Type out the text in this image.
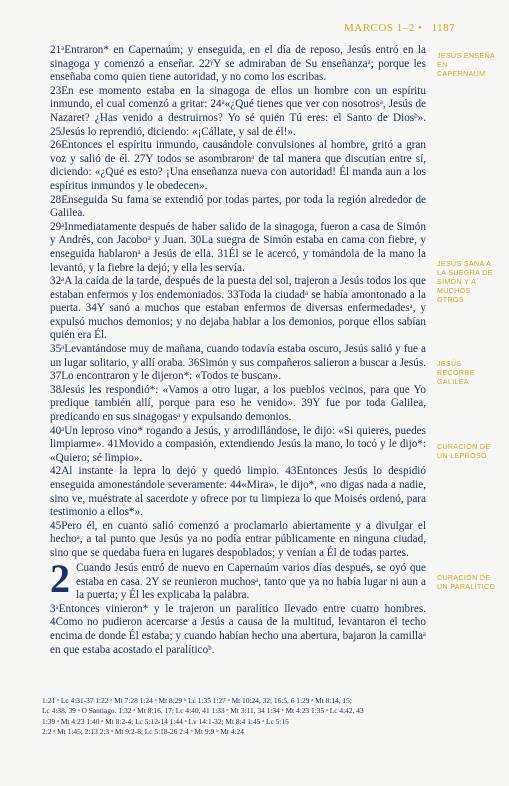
MARCOS 1–2 • 1187
JESÚS ENSEÑA EN CAPERNAÚM
JESÚS SANA A LA SUEGRA DE SIMÓN Y A MUCHOS OTROS
JESÚS RECORRE GALILEA
CURACIÓN DE UN LEPROSO
CURACIÓN DE UN PARALÍTICO

21ᵃEntraron* en Capernaúm; y enseguida, en el día de reposo, Jesús entró en la sinagoga y comenzó a enseñar. 22ᵞY se admiraban de Su enseñanzaᵃ; porque les enseñaba como quien tiene autoridad, y no como los escribas.

23En ese momento estaba en la sinagoga de ellos un hombre con un espíritu inmundo, el cual comenzó a gritar: 24ᵃ«¿Qué tienes que ver con nosotrosᵃ, Jesús de Nazaret? ¿Has venido a destruirnos? Yo sé quién Tú eres: el Santo de Diosᵇ». 25Jesús lo reprendió, diciendo: «¡Cállate, y sal de él!».

26Entonces el espíritu inmundo, causándole convulsiones al hombre, gritó a gran voz y salió de él. 27Y todos se asombraronᵃ de tal manera que discutían entre sí, diciendo: «¿Qué es esto? ¡Una enseñanza nueva con autoridad! Él manda aun a los espíritus inmundos y le obedecen».

28Enseguida Su fama se extendió por todas partes, por toda la región alrededor de Galilea.

29ᵃInmediatamente después de haber salido de la sinagoga, fueron a casa de Simón y Andrés, con Jacoboᵃ y Juan. 30La suegra de Simón estaba en cama con fiebre, y enseguida hablaronᵃ a Jesús de ella. 31Él se le acercó, y tomándola de la mano la levantó, y la fiebre la dejó; y ella les servía.

32ᵃA la caída de la tarde, después de la puesta del sol, trajeron a Jesús todos los que estaban enfermos y los endemoniados. 33Toda la ciudadᵃ se había amontonado a la puerta. 34Y sanó a muchos que estaban enfermos de diversas enfermedadesᵃ, y expulsó muchos demonios; y no dejaba hablar a los demonios, porque ellos sabían quién era Él.

35ᵃLevantándose muy de mañana, cuando todavía estaba oscuro, Jesús salió y fue a un lugar solitario, y allí oraba. 36Simón y sus compañeros salieron a buscar a Jesús. 37Lo encontraron y le dijeron*: «Todos te buscan».

38Jesús les respondió*: «Vamos a otro lugar, a los pueblos vecinos, para que Yo predique también allí, porque para eso he venido». 39Y fue por toda Galilea, predicando en sus sinagogasᵃ y expulsando demonios.

40ᵃUn leproso vino* rogando a Jesús, y arrodillándose, le dijo: «Si quieres, puedes limpiarme». 41Movido a compasión, extendiendo Jesús la mano, lo tocó y le dijo*: «Quiero; sé limpio».

42Al instante la lepra lo dejó y quedó limpio. 43Entonces Jesús lo despidió enseguida amonestándole severamente: 44«Mira», le dijo*, «no digas nada a nadie, sino ve, muéstrate al sacerdote y ofrece por tu limpieza lo que Moisés ordenó, para testimonio a ellos*».

45Pero él, en cuanto salió comenzó a proclamarlo abiertamente y a divulgar el hechoᵃ, a tal punto que Jesús ya no podía entrar públicamente en ninguna ciudad, sino que se quedaba fuera en lugares despoblados; y venían a Él de todas partes.

2 Cuando Jesús entró de nuevo en Capernaúm varios días después, se oyó que estaba en casa. 2Y se reunieron muchosᵃ, tanto que ya no había lugar ni aun a la puerta; y Él les explicaba la palabra.

3ᵃEntonces vinieron* y le trajeron un paralítico llevado entre cuatro hombres. 4Como no pudieron acercarse a Jesús a causa de la multitud, levantaron el techo encima de donde Él estaba; y cuando habían hecho una abertura, bajaron la camillaᵃ en que estaba acostado el paralíticoᵇ.

1:21 ᵃ Lc 4:31-37 1:22 ᵃ Mt 7:28 1:24 ᵃ Mt 8:29 ᵇ Lc 1:35 1:27 ᵃ Mt 10:24, 32; 16:5, 6 1:29 ᵃ Mt 8:14, 15;

Lc 4:38, 39 ᵃ O Santiago. 1:32 ᵃ Mt 8:16, 17; Lc 4:40, 41 1:33 ᵃ Mt 3:11, 34 1:34 ᵃ Mt 4:23 1:35 ᵃ Lc 4:42, 43

1:39 ᵃ Mt 4:23 1:40 ᵃ Mt 8:2-4; Lc 5:12-14 1:44 ᵃ Lv 14:1-32; Mt 8:4 1:45 ᵃ Lc 5:15

2:2 ᵃ Mt 1:45; 2:13 2:3 ᵃ Mt 9:2-8; Lc 5:18-26 2:4 ᵃ Mt 9:9 ᵇ Mt 4:24
